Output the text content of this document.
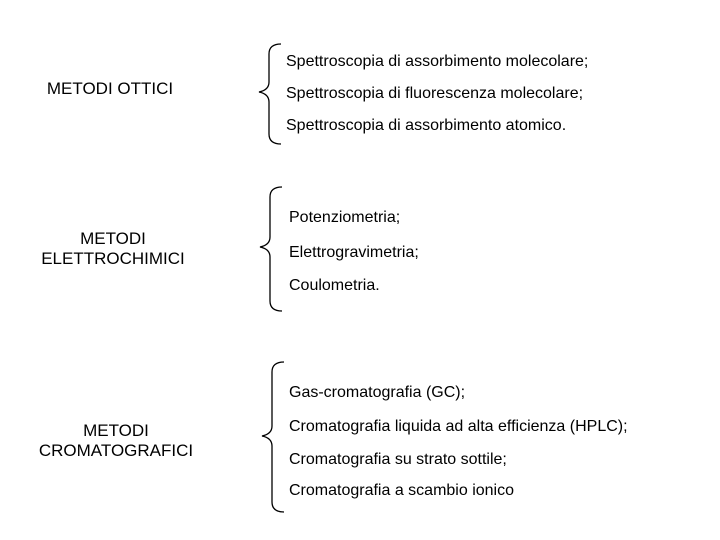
METODI OTTICI
Spettroscopia di assorbimento molecolare;
Spettroscopia di fluorescenza molecolare;
Spettroscopia di assorbimento atomico.
METODI
ELETTROCHIMICI
Potenziometria;
Elettrogravimetria;
Coulometria.
METODI
CROMATOGRAFICI
Gas-cromatografia (GC);
Cromatografia liquida ad alta efficienza (HPLC);
Cromatografia su strato sottile;
Cromatografia a scambio ionico
